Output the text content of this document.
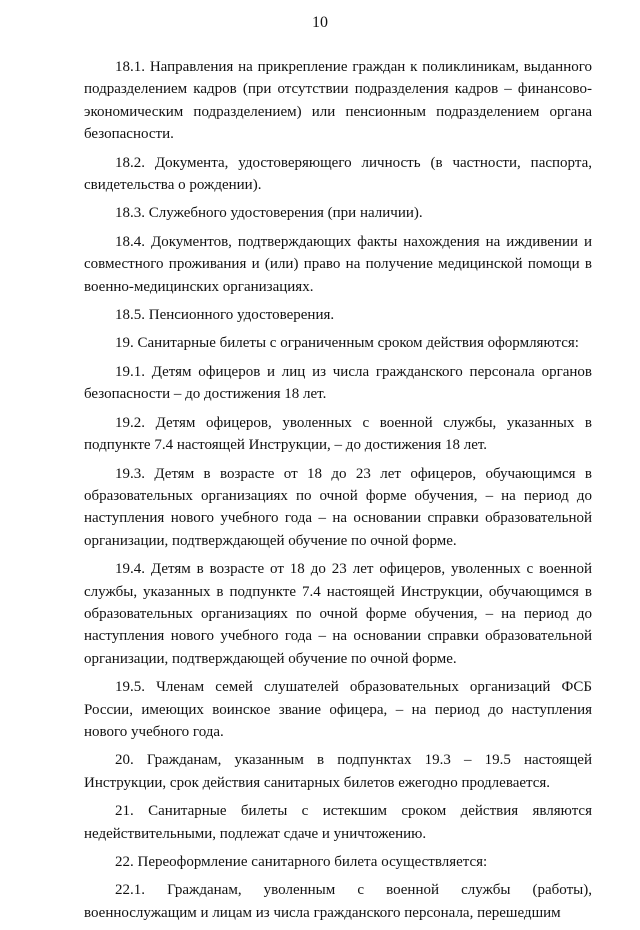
10

18.1. Направления на прикрепление граждан к поликлиникам, выданного подразделением кадров (при отсутствии подразделения кадров – финансово-экономическим подразделением) или пенсионным подразделением органа безопасности.

18.2. Документа, удостоверяющего личность (в частности, паспорта, свидетельства о рождении).

18.3. Служебного удостоверения (при наличии).

18.4. Документов, подтверждающих факты нахождения на иждивении и совместного проживания и (или) право на получение медицинской помощи в военно-медицинских организациях.

18.5. Пенсионного удостоверения.

19. Санитарные билеты с ограниченным сроком действия оформляются:

19.1. Детям офицеров и лиц из числа гражданского персонала органов безопасности – до достижения 18 лет.

19.2. Детям офицеров, уволенных с военной службы, указанных в подпункте 7.4 настоящей Инструкции, – до достижения 18 лет.

19.3. Детям в возрасте от 18 до 23 лет офицеров, обучающимся в образовательных организациях по очной форме обучения, – на период до наступления нового учебного года – на основании справки образовательной организации, подтверждающей обучение по очной форме.

19.4. Детям в возрасте от 18 до 23 лет офицеров, уволенных с военной службы, указанных в подпункте 7.4 настоящей Инструкции, обучающимся в образовательных организациях по очной форме обучения, – на период до наступления нового учебного года – на основании справки образовательной организации, подтверждающей обучение по очной форме.

19.5. Членам семей слушателей образовательных организаций ФСБ России, имеющих воинское звание офицера, – на период до наступления нового учебного года.

20. Гражданам, указанным в подпунктах 19.3 – 19.5 настоящей Инструкции, срок действия санитарных билетов ежегодно продлевается.

21. Санитарные билеты с истекшим сроком действия являются недействительными, подлежат сдаче и уничтожению.

22. Переоформление санитарного билета осуществляется:

22.1. Гражданам, уволенным с военной службы (работы), военнослужащим и лицам из числа гражданского персонала, перешедшим
